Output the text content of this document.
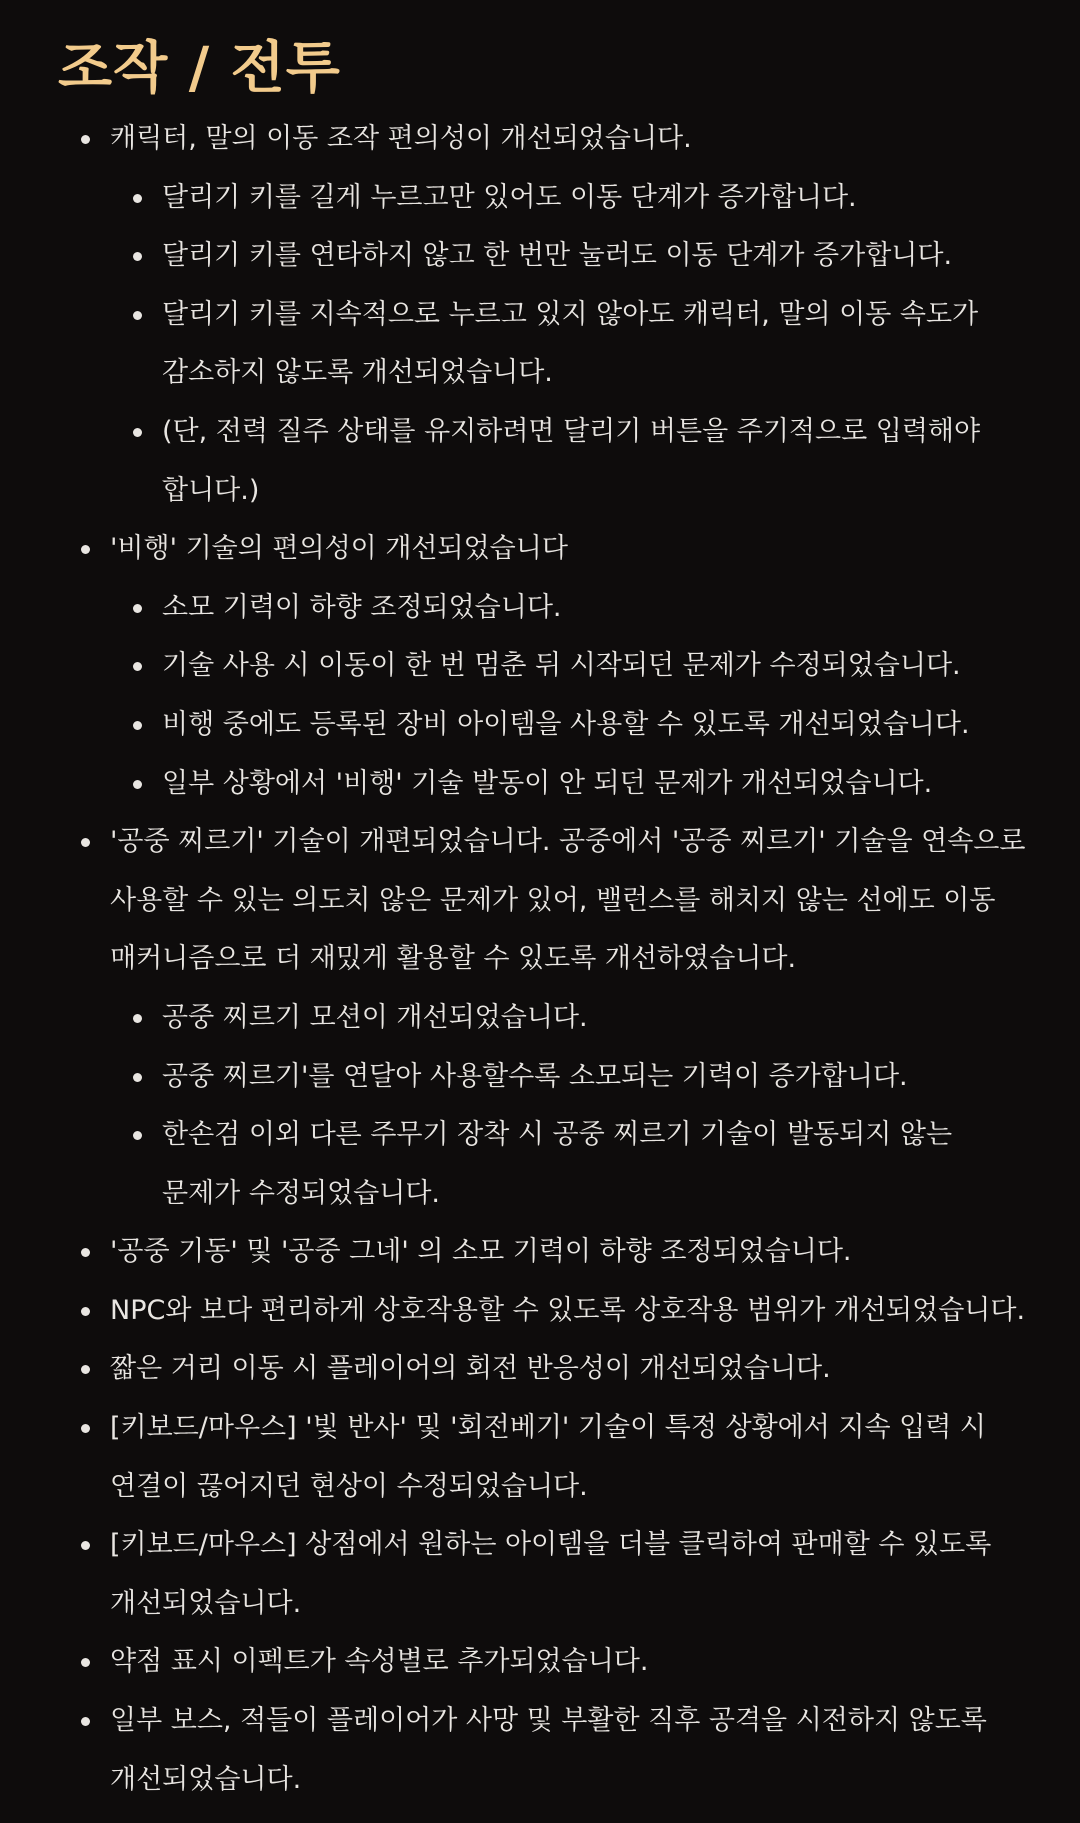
조작 / 전투
캐릭터, 말의 이동 조작 편의성이 개선되었습니다.
달리기 키를 길게 누르고만 있어도 이동 단계가 증가합니다.
달리기 키를 연타하지 않고 한 번만 눌러도 이동 단계가 증가합니다.
달리기 키를 지속적으로 누르고 있지 않아도 캐릭터, 말의 이동 속도가
감소하지 않도록 개선되었습니다.
(단, 전력 질주 상태를 유지하려면 달리기 버튼을 주기적으로 입력해야
합니다.)
'비행' 기술의 편의성이 개선되었습니다
소모 기력이 하향 조정되었습니다.
기술 사용 시 이동이 한 번 멈춘 뒤 시작되던 문제가 수정되었습니다.
비행 중에도 등록된 장비 아이템을 사용할 수 있도록 개선되었습니다.
일부 상황에서 '비행' 기술 발동이 안 되던 문제가 개선되었습니다.
'공중 찌르기' 기술이 개편되었습니다. 공중에서 '공중 찌르기' 기술을 연속으로
사용할 수 있는 의도치 않은 문제가 있어, 밸런스를 해치지 않는 선에도 이동
매커니즘으로 더 재밌게 활용할 수 있도록 개선하였습니다.
공중 찌르기 모션이 개선되었습니다.
공중 찌르기'를 연달아 사용할수록 소모되는 기력이 증가합니다.
한손검 이외 다른 주무기 장착 시 공중 찌르기 기술이 발동되지 않는
문제가 수정되었습니다.
'공중 기동' 및 '공중 그네' 의 소모 기력이 하향 조정되었습니다.
NPC와 보다 편리하게 상호작용할 수 있도록 상호작용 범위가 개선되었습니다.
짧은 거리 이동 시 플레이어의 회전 반응성이 개선되었습니다.
[키보드/마우스] '빛 반사' 및 '회전베기' 기술이 특정 상황에서 지속 입력 시
연결이 끊어지던 현상이 수정되었습니다.
[키보드/마우스] 상점에서 원하는 아이템을 더블 클릭하여 판매할 수 있도록
개선되었습니다.
약점 표시 이펙트가 속성별로 추가되었습니다.
일부 보스, 적들이 플레이어가 사망 및 부활한 직후 공격을 시전하지 않도록
개선되었습니다.
